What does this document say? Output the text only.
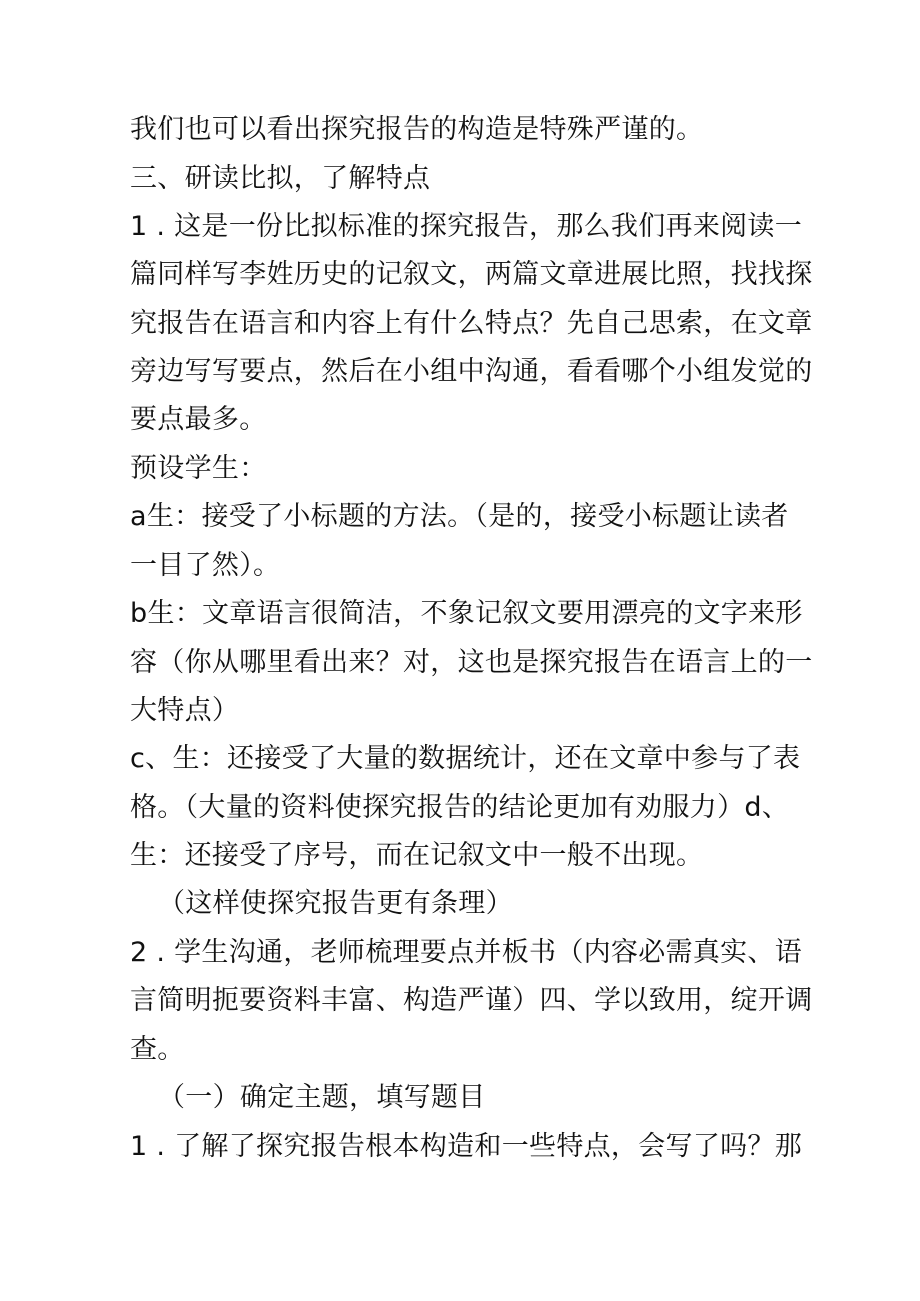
我们也可以看出探究报告的构造是特殊严谨的。
三、研读比拟，了解特点
1 . 这是一份比拟标准的探究报告，那么我们再来阅读一
篇同样写李姓历史的记叙文，两篇文章进展比照，找找探
究报告在语言和内容上有什么特点？先自己思索，在文章
旁边写写要点，然后在小组中沟通，看看哪个小组发觉的
要点最多。
预设学生：
a生：接受了小标题的方法。（是的，接受小标题让读者
一目了然）。
b生：文章语言很简洁，不象记叙文要用漂亮的文字来形
容（你从哪里看出来？对，这也是探究报告在语言上的一
大特点）
c、生：还接受了大量的数据统计，还在文章中参与了表
格。（大量的资料使探究报告的结论更加有劝服力）d、
生：还接受了序号，而在记叙文中一般不出现。
（这样使探究报告更有条理）
2 . 学生沟通，老师梳理要点并板书（内容必需真实、语
言简明扼要资料丰富、构造严谨）四、学以致用，绽开调
查。
（一）确定主题，填写题目
1 . 了解了探究报告根本构造和一些特点，会写了吗？那
